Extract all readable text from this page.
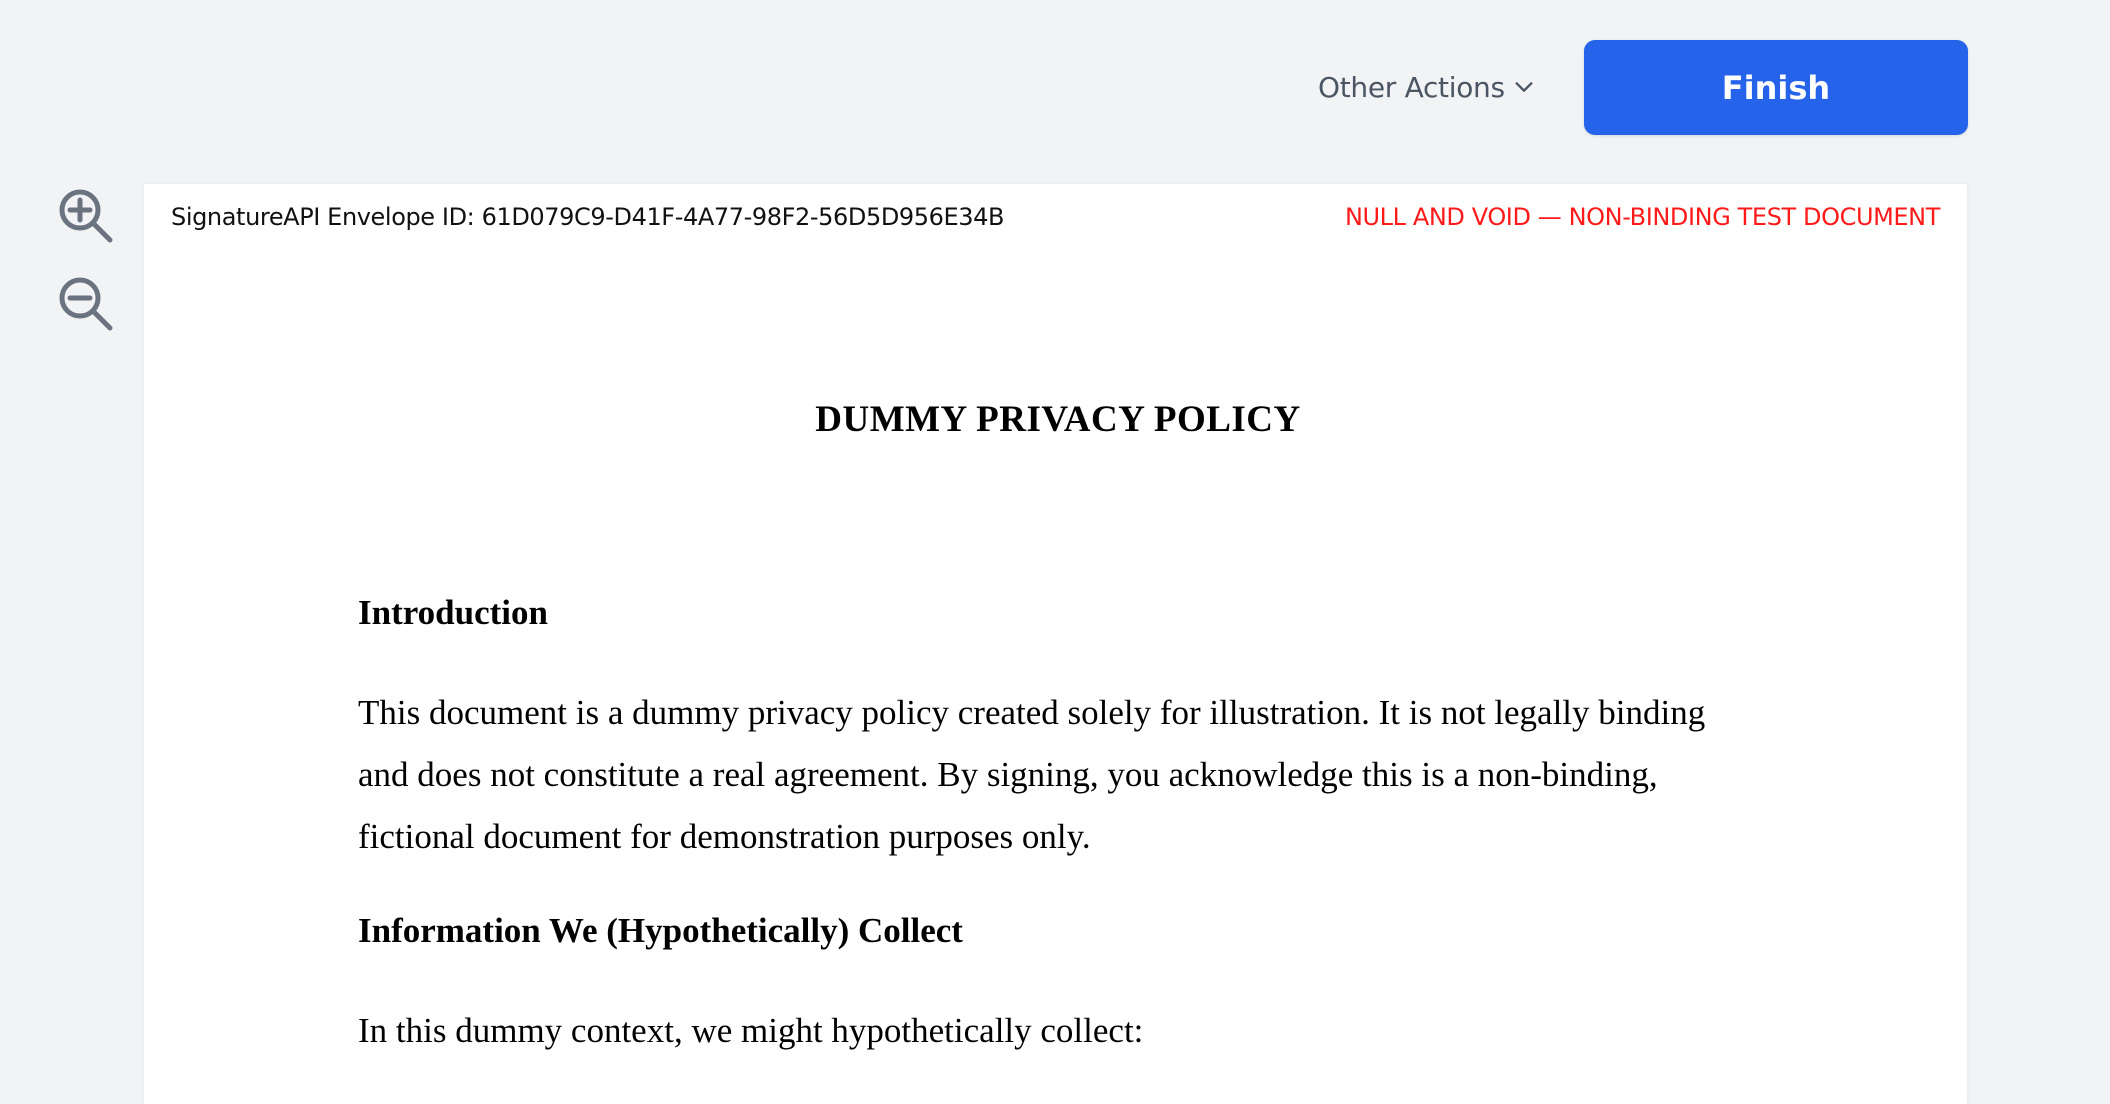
Other Actions	Finish
SignatureAPI Envelope ID: 61D079C9-D41F-4A77-98F2-56D5D956E34B	NULL AND VOID — NON-BINDING TEST DOCUMENT
DUMMY PRIVACY POLICY
Introduction

This document is a dummy privacy policy created solely for illustration. It is not legally binding and does not constitute a real agreement. By signing, you acknowledge this is a non-binding, fictional document for demonstration purposes only.

Information We (Hypothetically) Collect

In this dummy context, we might hypothetically collect:
